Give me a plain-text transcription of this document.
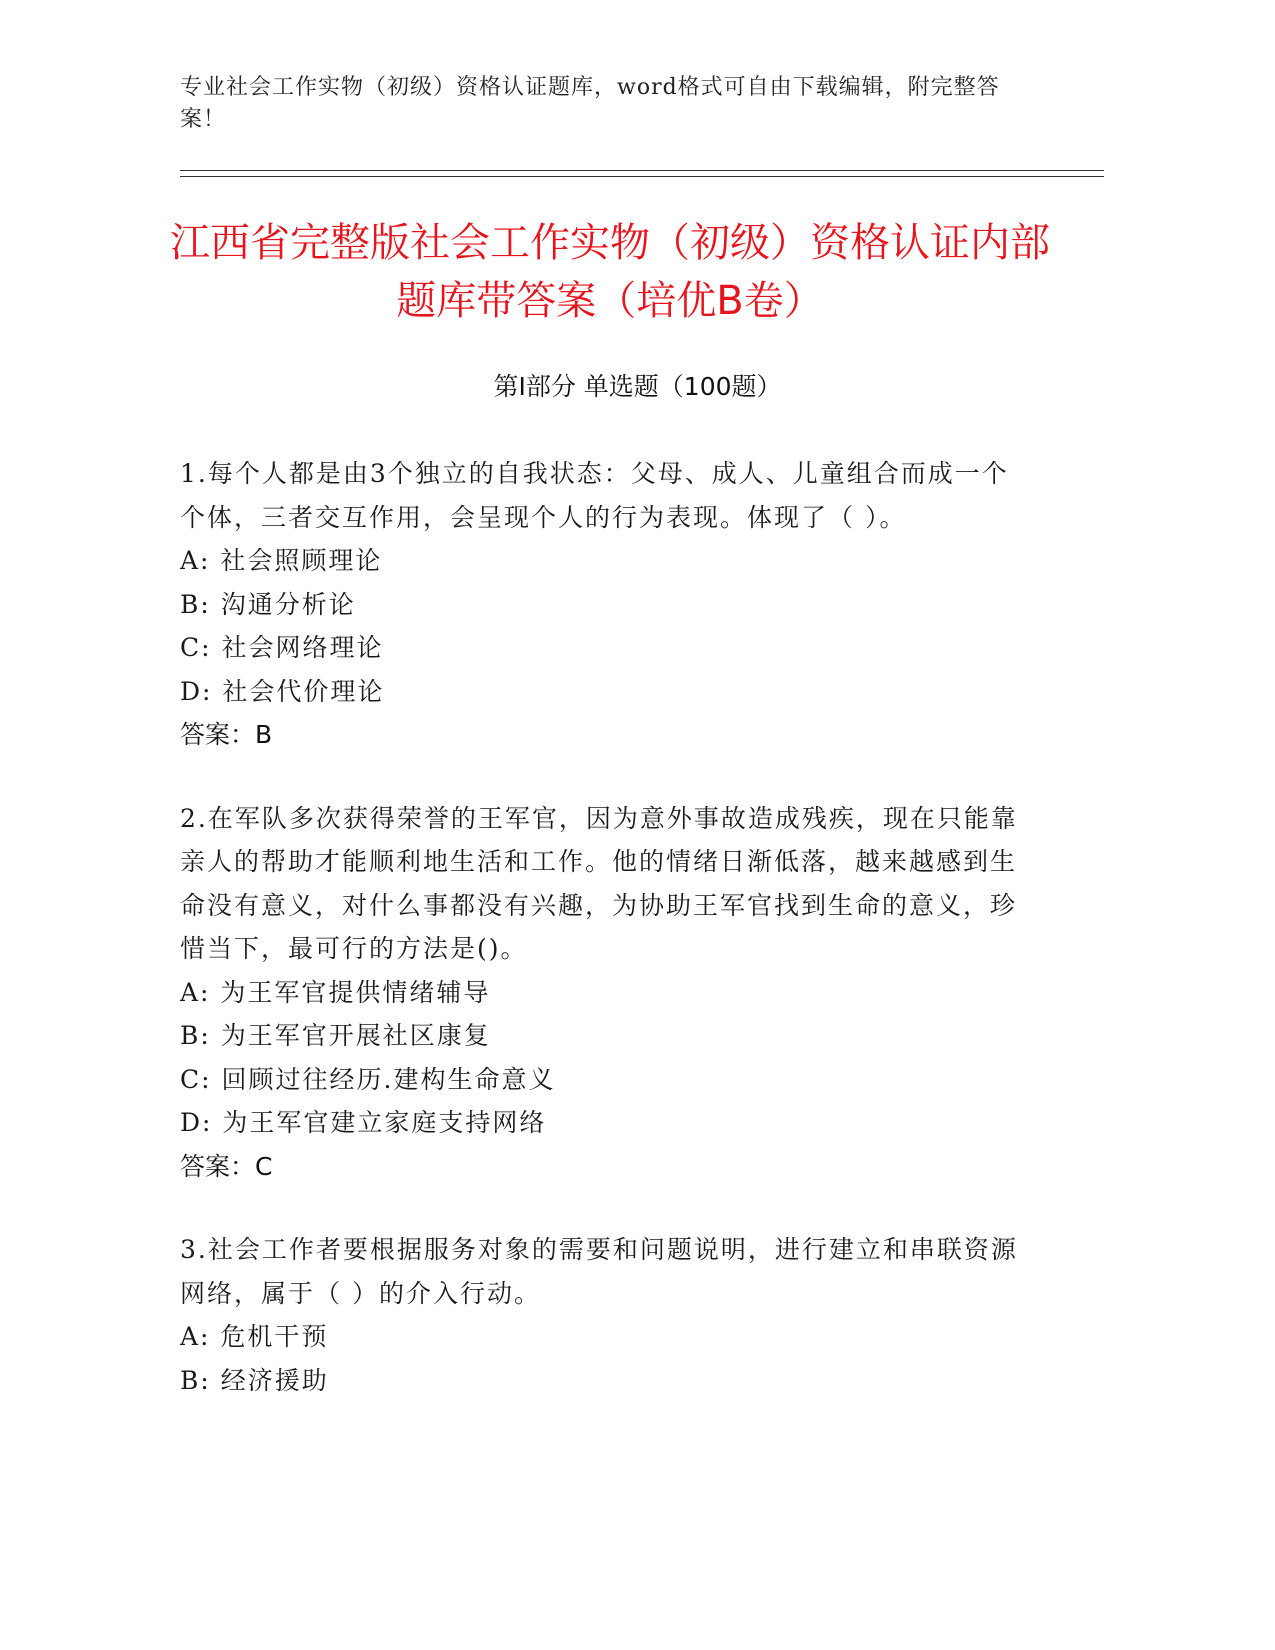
专业社会工作实物（初级）资格认证题库，word格式可自由下载编辑，附完整答案！
江西省完整版社会工作实物（初级）资格认证内部题库带答案（培优B卷）
第Ⅰ部分 单选题（100题）

1.每个人都是由3个独立的自我状态：父母、成人、儿童组合而成一个个体，三者交互作用，会呈现个人的行为表现。体现了（ ）。

A: 社会照顾理论

B: 沟通分析论

C: 社会网络理论

D: 社会代价理论

答案：B

2.在军队多次获得荣誉的王军官，因为意外事故造成残疾，现在只能靠亲人的帮助才能顺利地生活和工作。他的情绪日渐低落，越来越感到生命没有意义，对什么事都没有兴趣，为协助王军官找到生命的意义，珍惜当下，最可行的方法是()。

A: 为王军官提供情绪辅导

B: 为王军官开展社区康复

C: 回顾过往经历.建构生命意义

D: 为王军官建立家庭支持网络

答案：C

3.社会工作者要根据服务对象的需要和问题说明，进行建立和串联资源网络，属于（ ）的介入行动。

A: 危机干预

B: 经济援助
